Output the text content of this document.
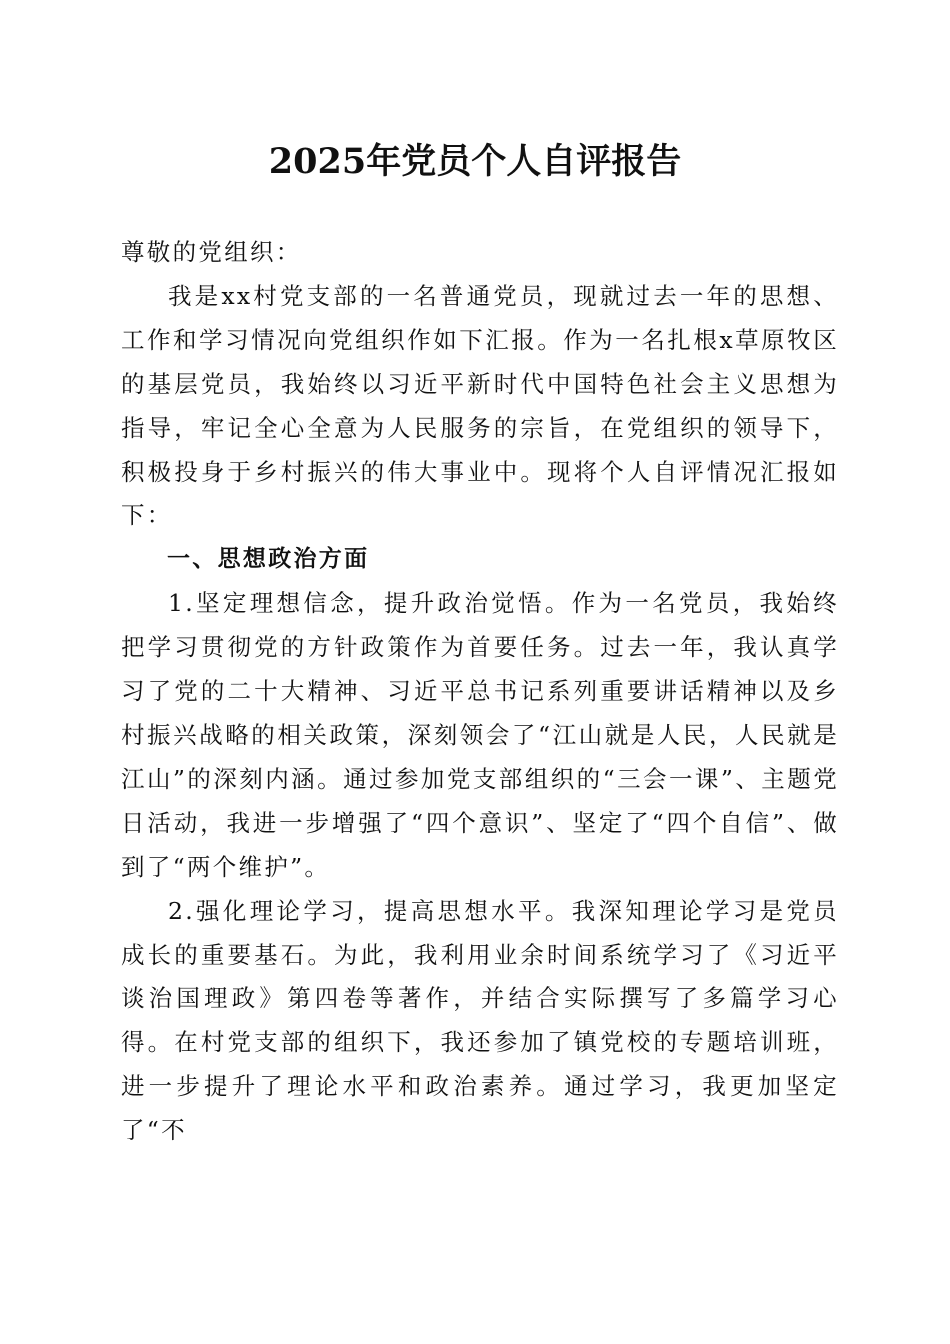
2025年党员个人自评报告

尊敬的党组织：

我是xx村党支部的一名普通党员，现就过去一年的思想、工作和学习情况向党组织作如下汇报。作为一名扎根x草原牧区的基层党员，我始终以习近平新时代中国特色社会主义思想为指导，牢记全心全意为人民服务的宗旨，在党组织的领导下，积极投身于乡村振兴的伟大事业中。现将个人自评情况汇报如下：

一、思想政治方面

1.坚定理想信念，提升政治觉悟。作为一名党员，我始终把学习贯彻党的方针政策作为首要任务。过去一年，我认真学习了党的二十大精神、习近平总书记系列重要讲话精神以及乡村振兴战略的相关政策，深刻领会了“江山就是人民，人民就是江山”的深刻内涵。通过参加党支部组织的“三会一课”、主题党日活动，我进一步增强了“四个意识”、坚定了“四个自信”、做到了“两个维护”。

2.强化理论学习，提高思想水平。我深知理论学习是党员成长的重要基石。为此，我利用业余时间系统学习了《习近平谈治国理政》第四卷等著作，并结合实际撰写了多篇学习心得。在村党支部的组织下，我还参加了镇党校的专题培训班，进一步提升了理论水平和政治素养。通过学习，我更加坚定了“不
